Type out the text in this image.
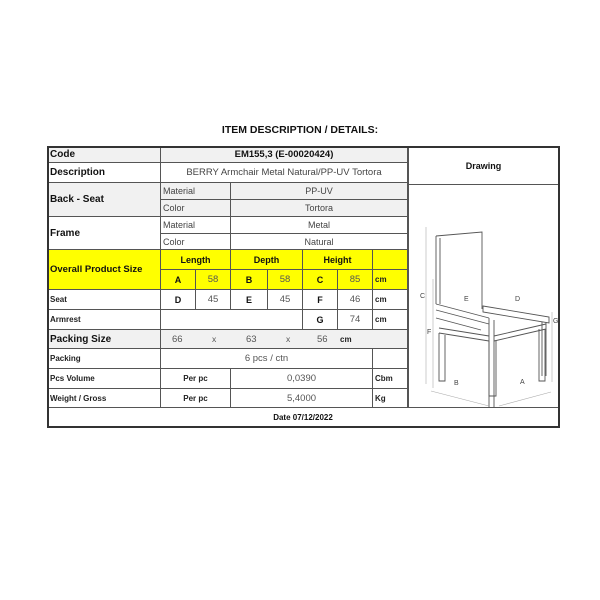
ITEM DESCRIPTION / DETAILS:
Code	EM155,3 (E-00020424)
Description	BERRY Armchair Metal Natural/PP-UV Tortora
Back - Seat
Material	PP-UV
Color	Tortora
Frame
Material	Metal
Color	Natural
Overall Product Size
Length	Depth	Height
A	58	B	58	C	85	cm
Seat	D	45	E	45	F	46	cm
Armrest	G	74	cm
Packing Size	66	x	63	x	56 cm
Packing	6 pcs / ctn
Pcs Volume	Per pc	0,0390	Cbm
Weight / Gross	Per pc	5,4000	Kg
Drawing
Date 07/12/2022
C
F
G
E	D
B	A
